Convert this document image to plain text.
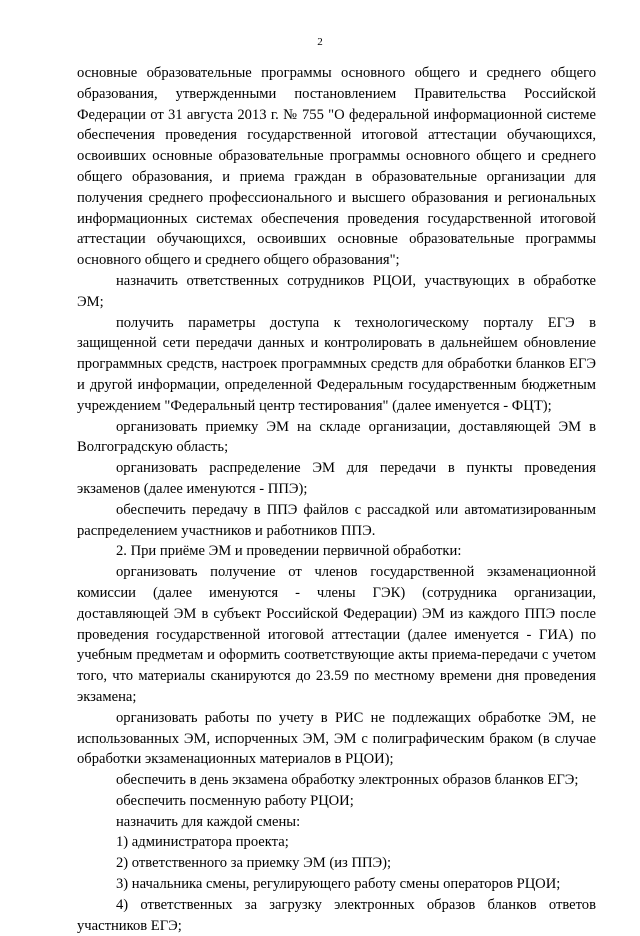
2

основные образовательные программы основного общего и среднего общего образования, утвержденными постановлением Правительства Российской Федерации от 31 августа 2013 г. № 755 "О федеральной информационной системе обеспечения проведения государственной итоговой аттестации обучающихся, освоивших основные образовательные программы основного общего и среднего общего образования, и приема граждан в образовательные организации для получения среднего профессионального и высшего образования и региональных информационных системах обеспечения проведения государственной итоговой аттестации обучающихся, освоивших основные образовательные программы основного общего и среднего общего образования";

назначить ответственных сотрудников РЦОИ, участвующих в обработке ЭМ;

получить параметры доступа к технологическому порталу ЕГЭ в защищенной сети передачи данных и контролировать в дальнейшем обновление программных средств, настроек программных средств для обработки бланков ЕГЭ и другой информации, определенной Федеральным государственным бюджетным учреждением "Федеральный центр тестирования" (далее именуется - ФЦТ);

организовать приемку ЭМ на складе организации, доставляющей ЭМ в Волгоградскую область;

организовать распределение ЭМ для передачи в пункты проведения экзаменов (далее именуются - ППЭ);

обеспечить передачу в ППЭ файлов с рассадкой или автоматизированным распределением участников и работников ППЭ.

2. При приёме ЭМ и проведении первичной обработки:

организовать получение от членов государственной экзаменационной комиссии (далее именуются - члены ГЭК) (сотрудника организации, доставляющей ЭМ в субъект Российской Федерации) ЭМ из каждого ППЭ после проведения государственной итоговой аттестации (далее именуется - ГИА) по учебным предметам и оформить соответствующие акты приема-передачи с учетом того, что материалы сканируются до 23.59 по местному времени дня проведения экзамена;

организовать работы по учету в РИС не подлежащих обработке ЭМ, не использованных ЭМ, испорченных ЭМ, ЭМ с полиграфическим браком (в случае обработки экзаменационных материалов в РЦОИ);

обеспечить в день экзамена обработку электронных образов бланков ЕГЭ;

обеспечить посменную работу РЦОИ;

назначить для каждой смены:

1) администратора проекта;

2) ответственного за приемку ЭМ (из ППЭ);

3) начальника смены, регулирующего работу смены операторов РЦОИ;

4) ответственных за загрузку электронных образов бланков ответов участников ЕГЭ;
